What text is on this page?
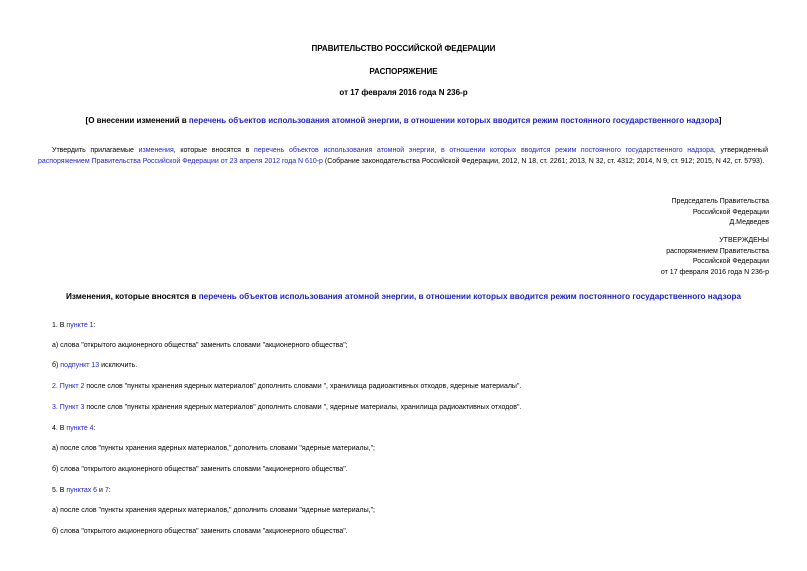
ПРАВИТЕЛЬСТВО РОССИЙСКОЙ ФЕДЕРАЦИИ
РАСПОРЯЖЕНИЕ
от 17 февраля 2016 года N 236-р
[О внесении изменений в перечень объектов использования атомной энергии, в отношении которых вводится режим постоянного государственного надзора]
Утвердить прилагаемые изменения, которые вносятся в перечень объектов использования атомной энергии, в отношении которых вводится режим постоянного государственного надзора, утвержденный распоряжением Правительства Российской Федерации от 23 апреля 2012 года N 610-р (Собрание законодательства Российской Федерации, 2012, N 18, ст. 2261; 2013, N 32, ст. 4312; 2014, N 9, ст. 912; 2015, N 42, ст. 5793).
Председатель Правительства
Российской Федерации
Д.Медведев
УТВЕРЖДЕНЫ
распоряжением Правительства
Российской Федерации
от 17 февраля 2016 года N 236-р
Изменения, которые вносятся в перечень объектов использования атомной энергии, в отношении которых вводится режим постоянного государственного надзора
1. В пункте 1:
а) слова "открытого акционерного общества" заменить словами "акционерного общества";
б) подпункт 13 исключить.
2. Пункт 2 после слов "пункты хранения ядерных материалов" дополнить словами ", хранилища радиоактивных отходов, ядерные материалы".
3. Пункт 3 после слов "пункты хранения ядерных материалов" дополнить словами ", ядерные материалы, хранилища радиоактивных отходов".
4. В пункте 4:
а) после слов "пункты хранения ядерных материалов," дополнить словами "ядерные материалы,";
б) слова "открытого акционерного общества" заменить словами "акционерного общества".
5. В пунктах 6 и 7:
а) после слов "пункты хранения ядерных материалов," дополнить словами "ядерные материалы,";
б) слова "открытого акционерного общества" заменить словами "акционерного общества".
